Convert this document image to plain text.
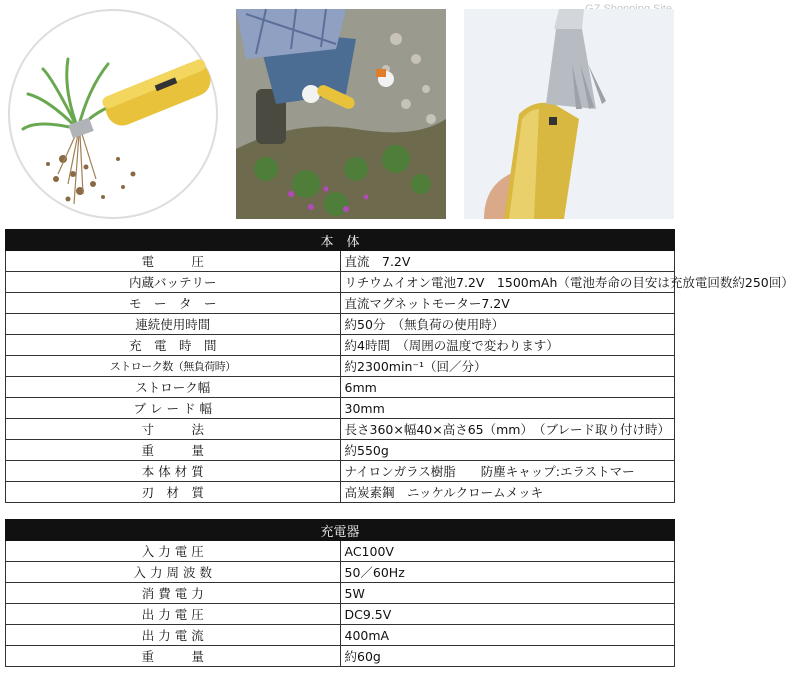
本　体	
電　　　圧	直流　7.2V
内蔵バッテリー	リチウムイオン電池7.2V　1500mAh（電池寿命の目安は充放電回数約250回）
モ　ー　タ　ー	直流マグネットモーター7.2V
連続使用時間	約50分　（無負荷の使用時）
充　電　時　間	約4時間　（周囲の温度で変わります）
ストローク数（無負荷時）	約2300min⁻¹（回／分）
ストローク幅	6mm
ブ レ ー ド 幅	30mm
寸　　　法	長さ360×幅40×高さ65（mm）　（ブレード取り付け時）
重　　　量	約550g
本 体 材 質	ナイロンガラス樹脂　　防塵キャップ:エラストマー
刃　材　質	高炭素鋼　ニッケルクロームメッキ
充電器	
入 力 電 圧	AC100V
入 力 周 波 数	50／60Hz
消 費 電 力	5W
出 力 電 圧	DC9.5V
出 力 電 流	400mA
重　　　量	約60g
